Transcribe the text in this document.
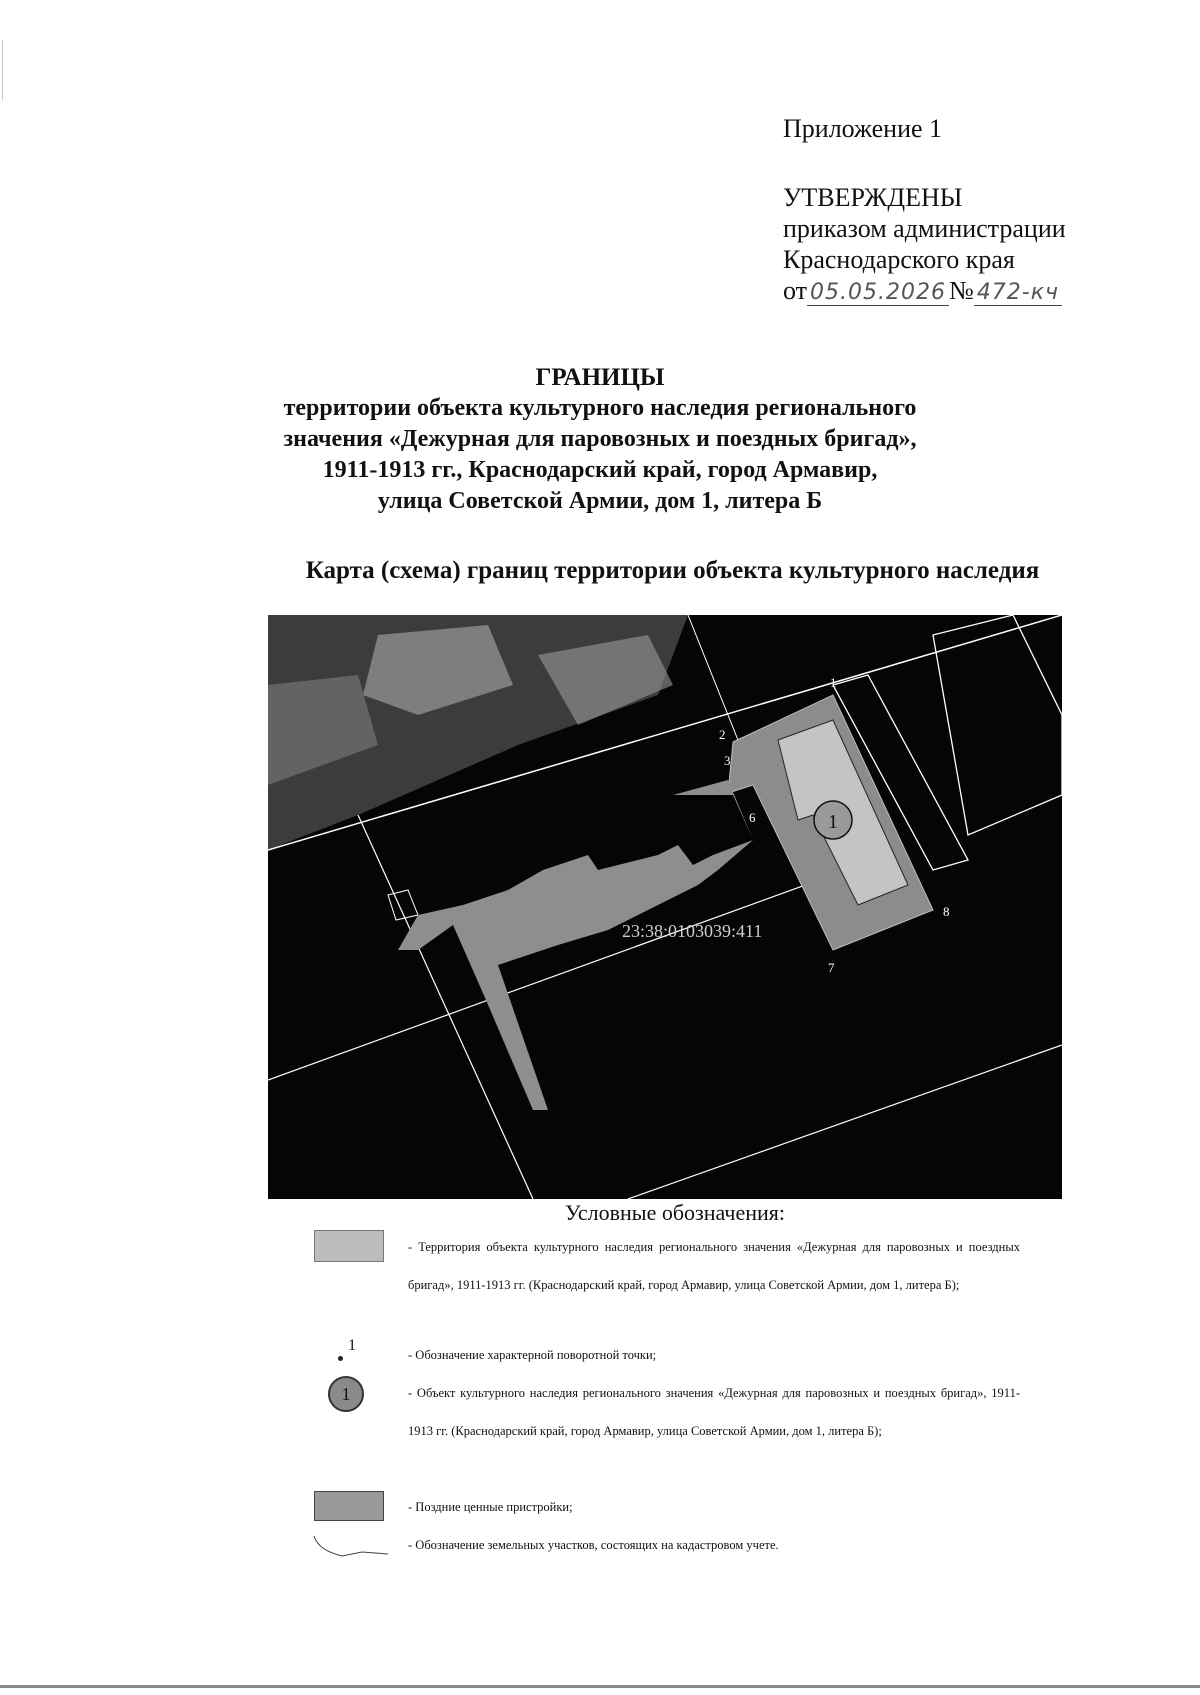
Приложение 1
УТВЕРЖДЕНЫ
приказом администрации
Краснодарского края
от 05.05.2026 № 472-кч
ГРАНИЦЫ
территории объекта культурного наследия регионального
значения «Дежурная для паровозных и поездных бригад»,
1911-1913 гг., Краснодарский край, город Армавир,
улица Советской Армии, дом 1, литера Б
Карта (схема) границ территории объекта культурного наследия
1
1
2
3
6
7
8
23:38:0103039:411
Условные обозначения:
- Территория объекта культурного наследия регионального значения «Дежурная для паровозных и поездных бригад», 1911-1913 гг. (Краснодарский край, город Армавир, улица Советской Армии, дом 1, литера Б);
1
- Обозначение характерной поворотной точки;
1	- Объект культурного наследия регионального значения «Дежурная для паровозных и поездных бригад», 1911-1913 гг. (Краснодарский край, город Армавир, улица Советской Армии, дом 1, литера Б);
- Поздние ценные пристройки;
- Обозначение земельных участков, состоящих на кадастровом учете.
